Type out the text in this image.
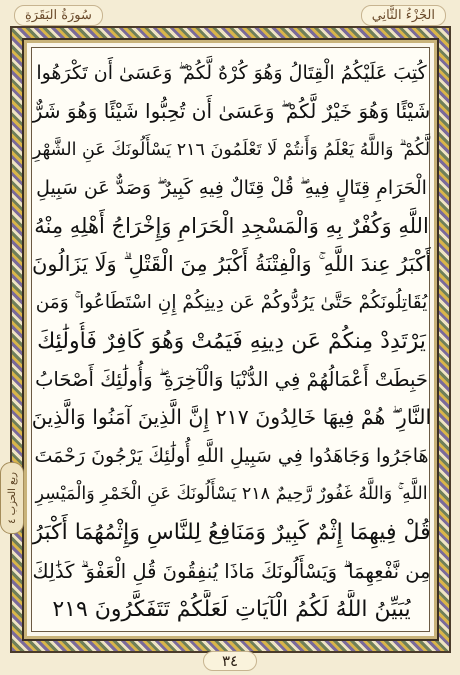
سُورَةُ البَقَرَةِ	الجُزْءُ الثَّانِي
كُتِبَ عَلَيْكُمُ الْقِتَالُ وَهُوَ كُرْهٌ لَّكُمْ ۖ وَعَسَىٰ أَن تَكْرَهُوا
شَيْئًا وَهُوَ خَيْرٌ لَّكُمْ ۖ وَعَسَىٰ أَن تُحِبُّوا شَيْئًا وَهُوَ شَرٌّ
لَّكُمْ ۗ وَاللَّهُ يَعْلَمُ وَأَنتُمْ لَا تَعْلَمُونَ ٢١٦ يَسْأَلُونَكَ عَنِ الشَّهْرِ
الْحَرَامِ قِتَالٍ فِيهِ ۖ قُلْ قِتَالٌ فِيهِ كَبِيرٌ ۖ وَصَدٌّ عَن سَبِيلِ
اللَّهِ وَكُفْرٌ بِهِ وَالْمَسْجِدِ الْحَرَامِ وَإِخْرَاجُ أَهْلِهِ مِنْهُ
أَكْبَرُ عِندَ اللَّهِ ۚ وَالْفِتْنَةُ أَكْبَرُ مِنَ الْقَتْلِ ۗ وَلَا يَزَالُونَ
يُقَاتِلُونَكُمْ حَتَّىٰ يَرُدُّوكُمْ عَن دِينِكُمْ إِنِ اسْتَطَاعُوا ۚ وَمَن
يَرْتَدِدْ مِنكُمْ عَن دِينِهِ فَيَمُتْ وَهُوَ كَافِرٌ فَأُولَٰئِكَ
حَبِطَتْ أَعْمَالُهُمْ فِي الدُّنْيَا وَالْآخِرَةِ ۖ وَأُولَٰئِكَ أَصْحَابُ
النَّارِ ۖ هُمْ فِيهَا خَالِدُونَ ٢١٧ إِنَّ الَّذِينَ آمَنُوا وَالَّذِينَ
هَاجَرُوا وَجَاهَدُوا فِي سَبِيلِ اللَّهِ أُولَٰئِكَ يَرْجُونَ رَحْمَتَ
اللَّهِ ۚ وَاللَّهُ غَفُورٌ رَّحِيمٌ ٢١٨ يَسْأَلُونَكَ عَنِ الْخَمْرِ وَالْمَيْسِرِ
قُلْ فِيهِمَا إِثْمٌ كَبِيرٌ وَمَنَافِعُ لِلنَّاسِ وَإِثْمُهُمَا أَكْبَرُ
مِن نَّفْعِهِمَا ۗ وَيَسْأَلُونَكَ مَاذَا يُنفِقُونَ قُلِ الْعَفْوَ ۗ كَذَٰلِكَ
يُبَيِّنُ اللَّهُ لَكُمُ الْآيَاتِ لَعَلَّكُمْ تَتَفَكَّرُونَ ٢١٩
ربع الحزب ٤
٣٤
